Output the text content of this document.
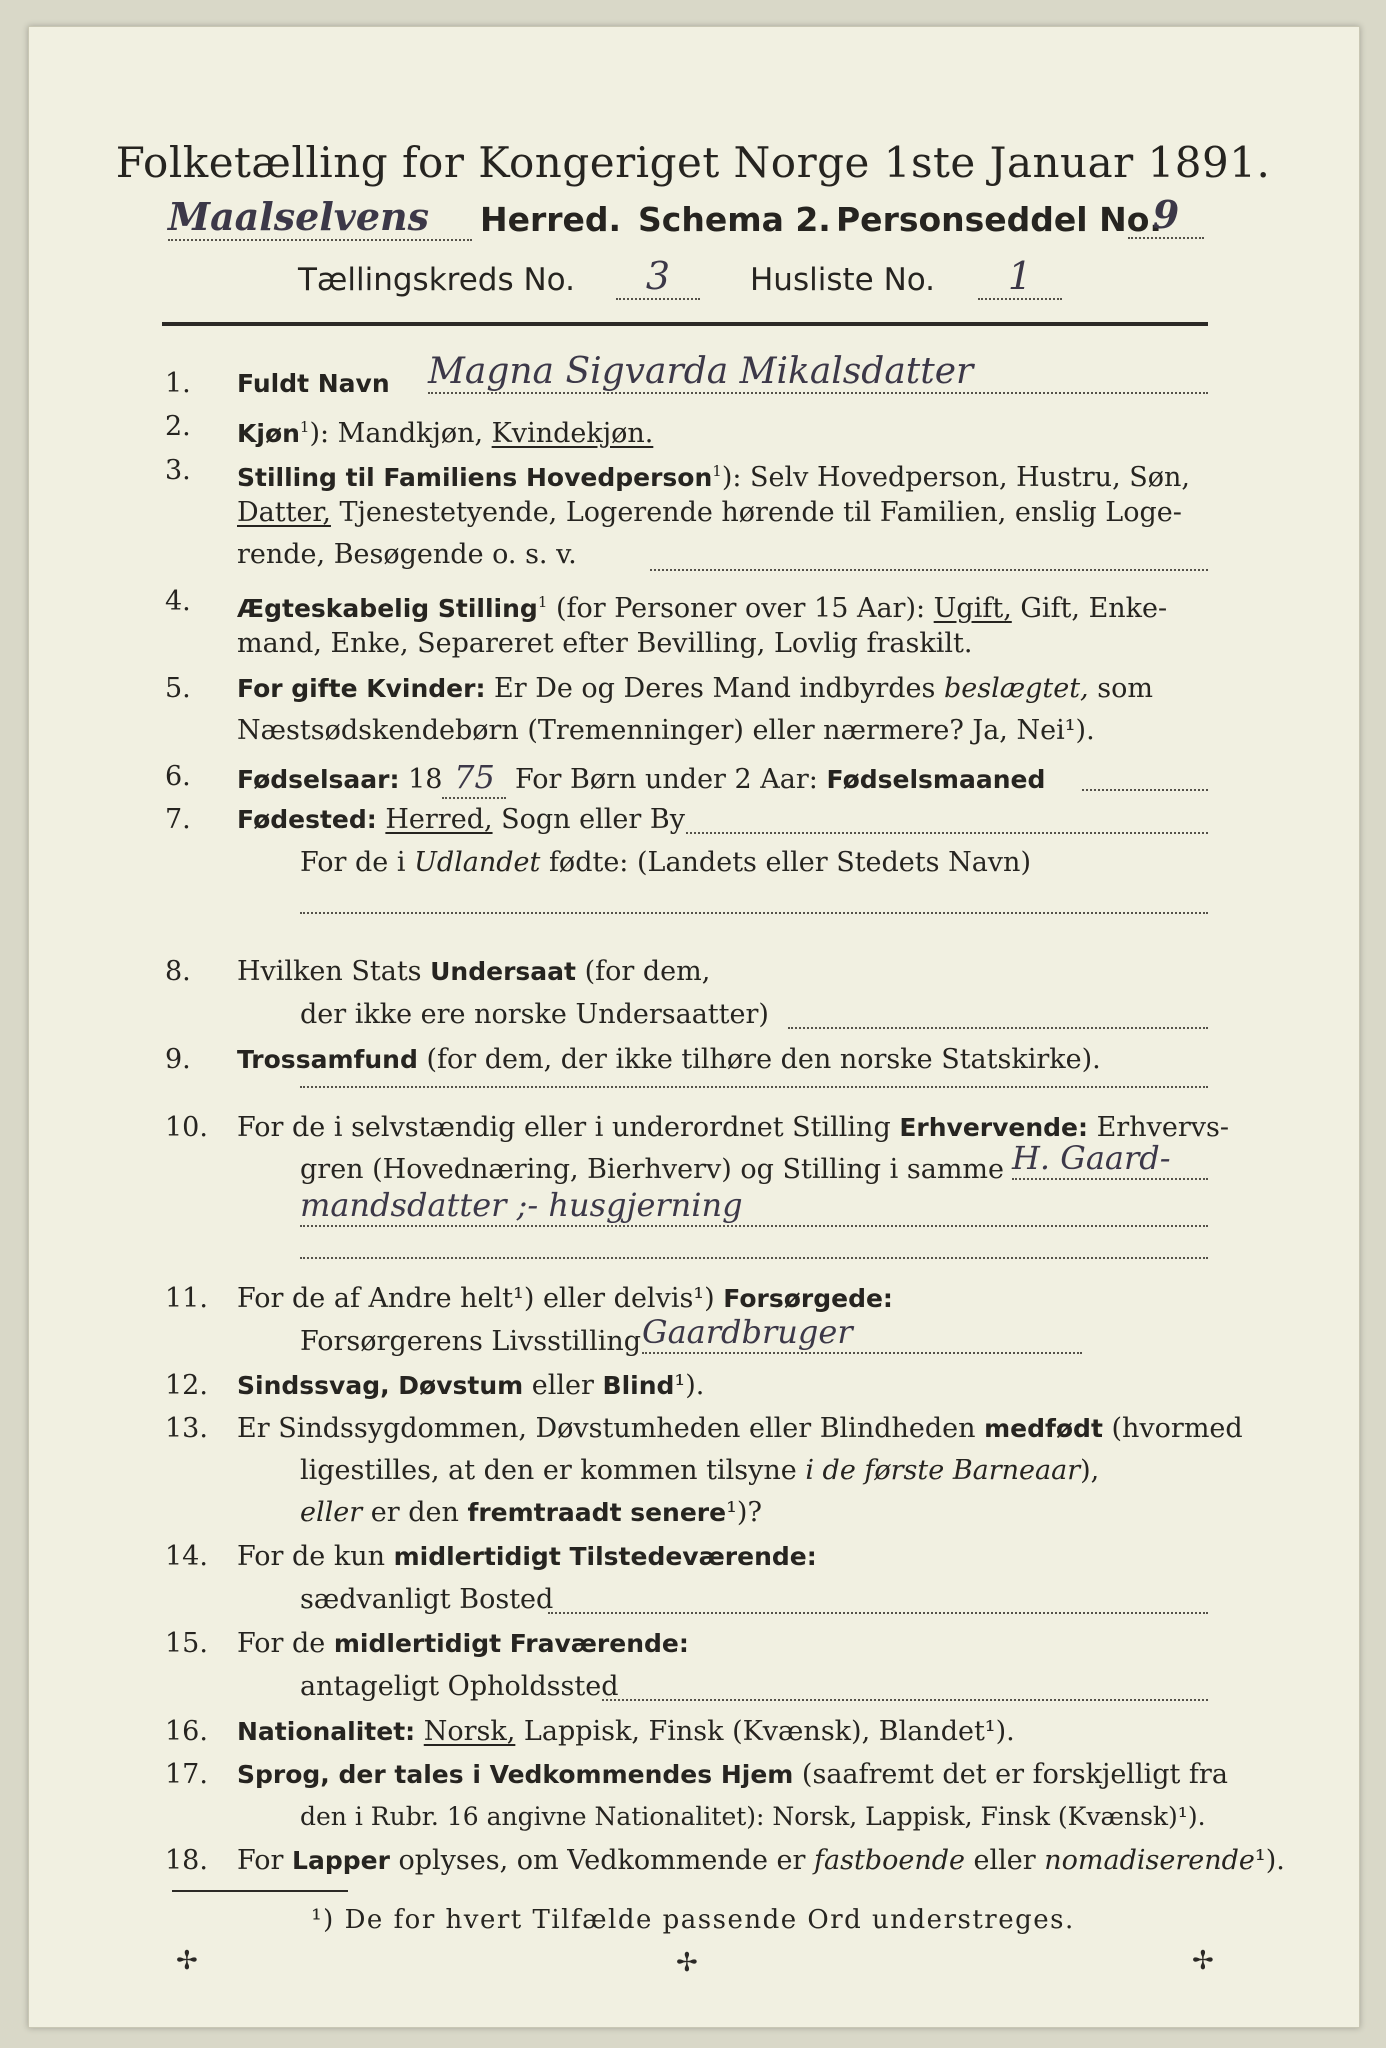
Folketælling for Kongeriget Norge 1ste Januar 1891.
Maalselvens	Herred. Schema 2. Personseddel No.
9
Tællingskreds No.	3	Husliste No.	1
1.	Fuldt Navn	Magna Sigvarda Mikalsdatter
2.	Kjøn$^1$): Mandkjøn, Kvindekjøn.
3.	Stilling til Familiens Hovedperson$^1$): Selv Hovedperson, Hustru, Søn,
Datter, Tjenestetyende, Logerende hørende til Familien, enslig Loge-
rende, Besøgende o. s. v.
4.	Ægteskabelig Stilling$^1$ (for Personer over 15 Aar): Ugift, Gift, Enke-
mand, Enke, Separeret efter Bevilling, Lovlig fraskilt.
5.	For gifte Kvinder: Er De og Deres Mand indbyrdes beslægtet, som
Næstsødskendebørn (Tremenninger) eller nærmere? Ja, Nei¹).
6.	Fødselsaar: 18 75 For Børn under 2 Aar: Fødselsmaaned
7.	Fødested: Herred, Sogn eller By
For de i Udlandet fødte: (Landets eller Stedets Navn)
8.	Hvilken Stats Undersaat (for dem,
der ikke ere norske Undersaatter)
9.	Trossamfund (for dem, der ikke tilhøre den norske Statskirke).
10. For de i selvstændig eller i underordnet Stilling Erhvervende: Erhvervs-
gren (Hovednæring, Bierhverv) og Stilling i samme H. Gaard-
mandsdatter ;- husgjerning
11. For de af Andre helt¹) eller delvis¹) Forsørgede:
Forsørgerens Livsstilling Gaardbruger
12. Sindssvag, Døvstum eller Blind¹).
13. Er Sindssygdommen, Døvstumheden eller Blindheden medfødt (hvormed
ligestilles, at den er kommen tilsyne i de første Barneaar),
eller er den fremtraadt senere¹)?
14. For de kun midlertidigt Tilstedeværende:
sædvanligt Bosted
15. For de midlertidigt Fraværende:
antageligt Opholdssted
16. Nationalitet: Norsk, Lappisk, Finsk (Kvænsk), Blandet¹).
17. Sprog, der tales i Vedkommendes Hjem (saafremt det er forskjelligt fra
den i Rubr. 16 angivne Nationalitet): Norsk, Lappisk, Finsk (Kvænsk)¹).
18. For Lapper oplyses, om Vedkommende er fastboende eller nomadiserende¹).
¹) De for hvert Tilfælde passende Ord understreges.
✢	✢	✢
